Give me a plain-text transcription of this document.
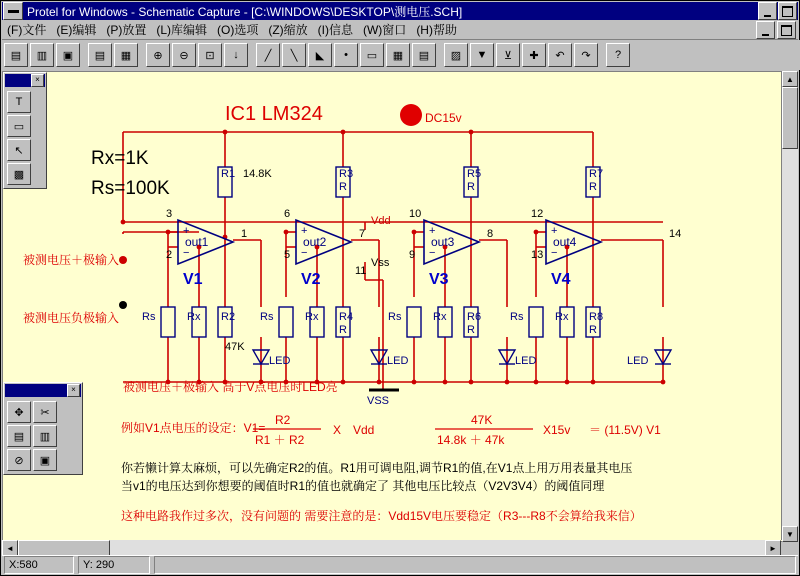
Protel for Windows - Schematic Capture - [C:\WINDOWS\DESKTOP\测电压.SCH]
(F)文件 (E)编辑 (P)放置 (L)库编辑 (O)选项 (Z)缩放 (I)信息 (W)窗口 (H)帮助
▤	▥	▣	▤	▦	⊕	⊖	⊡	↓	╱	╲	◣	•	▭	▦	▤	▨	▼	⊻	✚	↶	↷	?
+
−
+
−
+
−
+
−
IC1 LM324	DC15v
Rx=1K
Rs=100K
R1 14.8K	R3
R
R5
R
R7
R
R2
47K
R4
R
R6
R
R8
R
Rs	Rs	Rs	Rs
Rx	Rx	Rx	Rx
out1	out2	out3	out4
3
2
1
6
5
7
10
9
8
12
13
14
11
Vdd
Vss
VSS
V1	V2	V3	V4
LED	LED	LED	LED
被测电压＋极输入
被测电压负极输入
被测电压＋极输入 高于V点电压时LED亮
例如V1点电压的设定：V1=
R2
R1 ＋ R2
X Vdd
47K
14.8k ＋ 47k
X15v ＝ (11.5V) V1
你若懒计算太麻烦，可以先确定R2的值。R1用可调电阻,调节R1的值,在V1点上用万用表量其电压
当v1的电压达到你想要的阈值时R1的值也就确定了 其他电压比较点（V2V3V4）的阈值同理
这种电路我作过多次，没有问题的 需要注意的是：Vdd15V电压要稳定（R3---R8不会算给我来信）
×
T
▭
↖
▩
×
✥	✂
▤	▥
⊘	▣
▲
▼
◄	►
X:580	Y: 290
